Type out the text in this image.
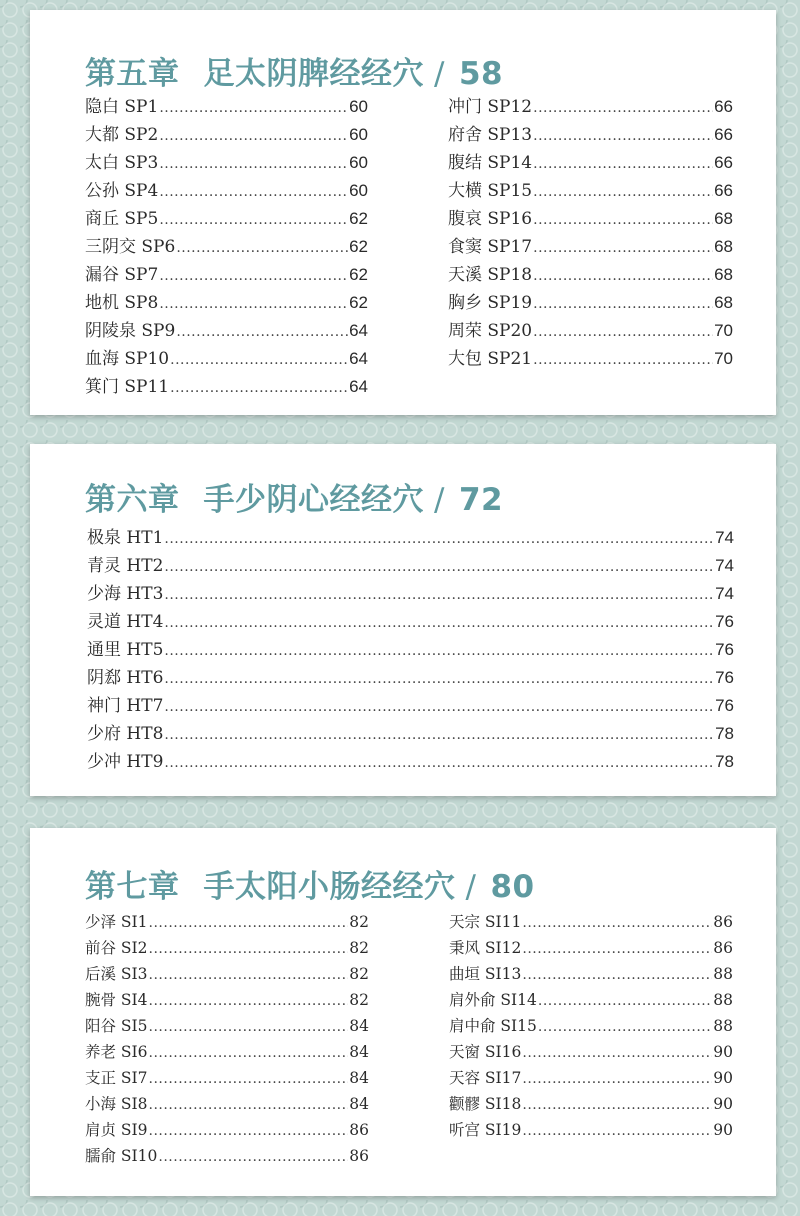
第五章 足太阴脾经经穴 / 58
隐白 SP1 .....	60
大都 SP2 .....	60
太白 SP3 .....	60
公孙 SP4 .....	60
商丘 SP5 .....	62
三阴交 SP6 .....	62
漏谷 SP7 .....	62
地机 SP8 .....	62
阴陵泉 SP9 .....	64
血海 SP10 .....	64
箕门 SP11 .....	64
冲门 SP12 .....	66
府舍 SP13 .....	66
腹结 SP14 .....	66
大横 SP15 .....	66
腹哀 SP16 .....	68
食窦 SP17 .....	68
天溪 SP18 .....	68
胸乡 SP19 .....	68
周荣 SP20 .....	70
大包 SP21 .....	70
第六章 手少阴心经经穴 / 72
极泉 HT1 .....	74
青灵 HT2 .....	74
少海 HT3 .....	74
灵道 HT4 .....	76
通里 HT5 .....	76
阴郄 HT6 .....	76
神门 HT7 .....	76
少府 HT8 .....	78
少冲 HT9 .....	78
第七章 手太阳小肠经经穴 / 80
少泽 SI1 .....	82
前谷 SI2 .....	82
后溪 SI3 .....	82
腕骨 SI4 .....	82
阳谷 SI5 .....	84
养老 SI6 .....	84
支正 SI7 .....	84
小海 SI8 .....	84
肩贞 SI9 .....	86
臑俞 SI10 .....	86
天宗 SI11 .....	86
秉风 SI12 .....	86
曲垣 SI13 .....	88
肩外俞 SI14 .....	88
肩中俞 SI15 .....	88
天窗 SI16 .....	90
天容 SI17 .....	90
颧髎 SI18 .....	90
听宫 SI19 .....	90
